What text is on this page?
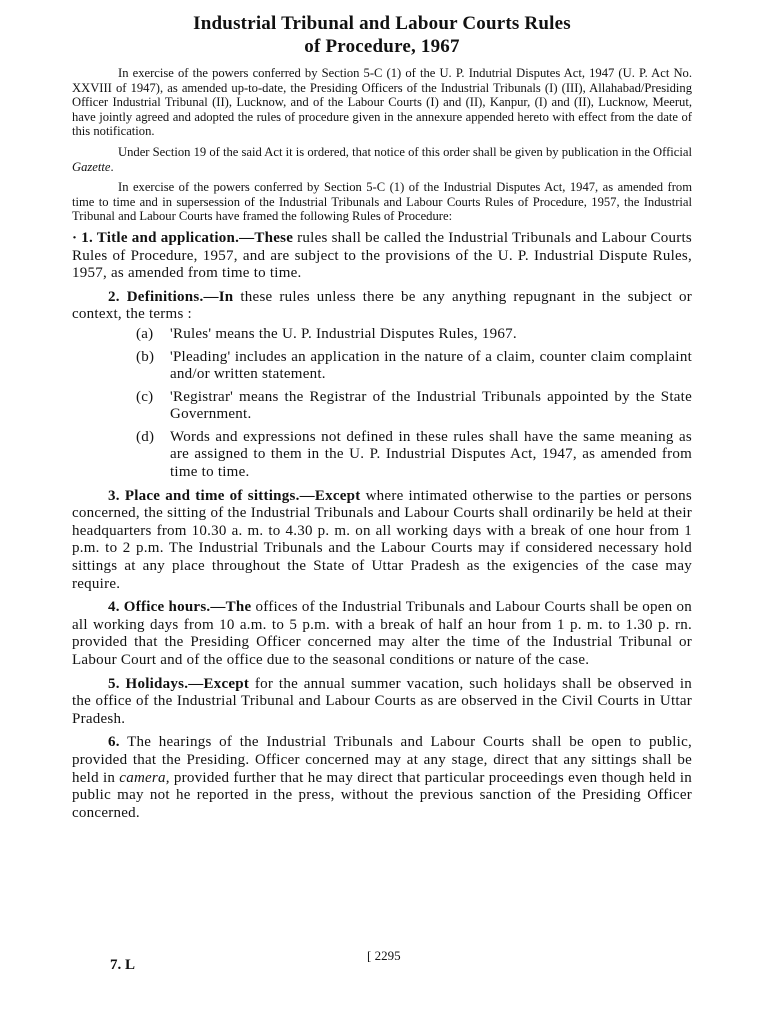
Industrial Tribunal and Labour Courts Rules
of Procedure, 1967

In exercise of the powers conferred by Section 5-C (1) of the U. P. Indutrial Disputes Act, 1947 (U. P. Act No. XXVIII of 1947), as amended up-to-date, the Presiding Officers of the Industrial Tribunals (I) (III), Allahabad/Presiding Officer Industrial Tribunal (II), Lucknow, and of the Labour Courts (I) and (II), Kanpur, (I) and (II), Lucknow, Meerut, have jointly agreed and adopted the rules of procedure given in the annexure appended hereto with effect from the date of this notification.

Under Section 19 of the said Act it is ordered, that notice of this order shall be given by publication in the Official Gazette.

In exercise of the powers conferred by Section 5-C (1) of the Industrial Disputes Act, 1947, as amended from time to time and in supersession of the Industrial Tribunals and Labour Courts Rules of Procedure, 1957, the Industrial Tribunal and Labour Courts have framed the following Rules of Procedure:

· 1. Title and application.—These rules shall be called the Industrial Tribunals and Labour Courts Rules of Procedure, 1957, and are subject to the provisions of the U. P. Industrial Dispute Rules, 1957, as amended from time to time.

2. Definitions.—In these rules unless there be any anything repugnant in the subject or context, the terms :

(a)	'Rules' means the U. P. Industrial Disputes Rules, 1967.
(b)	'Pleading' includes an application in the nature of a claim, counter claim complaint and/or written statement.
(c)	'Registrar' means the Registrar of the Industrial Tribunals appointed by the State Government.
(d)	Words and expressions not defined in these rules shall have the same meaning as are assigned to them in the U. P. Industrial Disputes Act, 1947, as amended from time to time.

3. Place and time of sittings.—Except where intimated otherwise to the parties or persons concerned, the sitting of the Industrial Tribunals and Labour Courts shall ordinarily be held at their headquarters from 10.30 a. m. to 4.30 p. m. on all working days with a break of one hour from 1 p.m. to 2 p.m. The Industrial Tribunals and the Labour Courts may if considered necessary hold sittings at any place throughout the State of Uttar Pradesh as the exigencies of the case may require.

4. Office hours.—The offices of the Industrial Tribunals and Labour Courts shall be open on all working days from 10 a.m. to 5 p.m. with a break of half an hour from 1 p. m. to 1.30 p. rn. provided that the Presiding Officer concerned may alter the time of the Industrial Tribunal or Labour Court and of the office due to the seasonal conditions or nature of the case.

5. Holidays.—Except for the annual summer vacation, such holidays shall be observed in the office of the Industrial Tribunal and Labour Courts as are observed in the Civil Courts in Uttar Pradesh.

6. The hearings of the Industrial Tribunals and Labour Courts shall be open to public, provided that the Presiding. Officer concerned may at any stage, direct that any sittings shall be held in camera, provided further that he may direct that particular proceedings even though held in public may not he reported in the press, without the previous sanction of the Presiding Officer concerned.

7. L
[ 2295
